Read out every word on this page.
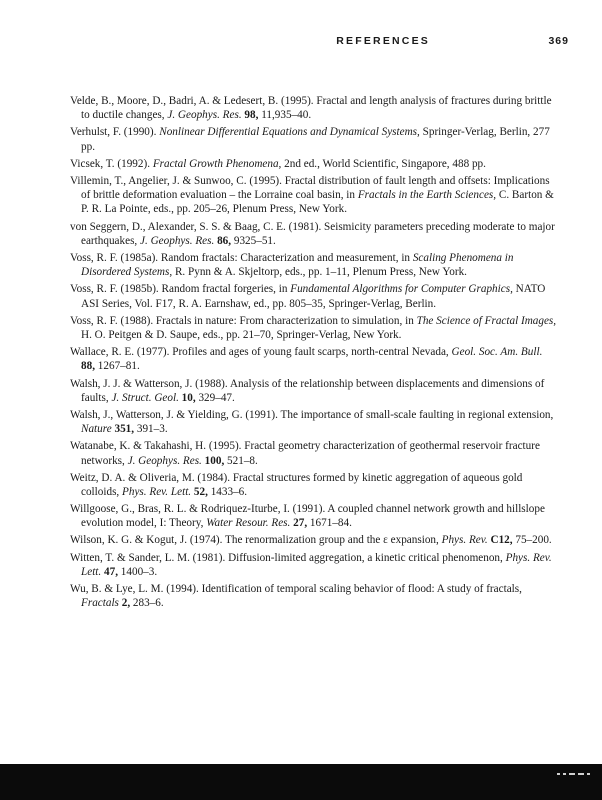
REFERENCES	369
Velde, B., Moore, D., Badri, A. & Ledesert, B. (1995). Fractal and length analysis of fractures during brittle to ductile changes, J. Geophys. Res. 98, 11,935–40.
Verhulst, F. (1990). Nonlinear Differential Equations and Dynamical Systems, Springer-Verlag, Berlin, 277 pp.
Vicsek, T. (1992). Fractal Growth Phenomena, 2nd ed., World Scientific, Singapore, 488 pp.
Villemin, T., Angelier, J. & Sunwoo, C. (1995). Fractal distribution of fault length and offsets: Implications of brittle deformation evaluation – the Lorraine coal basin, in Fractals in the Earth Sciences, C. Barton & P. R. La Pointe, eds., pp. 205–26, Plenum Press, New York.
von Seggern, D., Alexander, S. S. & Baag, C. E. (1981). Seismicity parameters preceding moderate to major earthquakes, J. Geophys. Res. 86, 9325–51.
Voss, R. F. (1985a). Random fractals: Characterization and measurement, in Scaling Phenomena in Disordered Systems, R. Pynn & A. Skjeltorp, eds., pp. 1–11, Plenum Press, New York.
Voss, R. F. (1985b). Random fractal forgeries, in Fundamental Algorithms for Computer Graphics, NATO ASI Series, Vol. F17, R. A. Earnshaw, ed., pp. 805–35, Springer-Verlag, Berlin.
Voss, R. F. (1988). Fractals in nature: From characterization to simulation, in The Science of Fractal Images, H. O. Peitgen & D. Saupe, eds., pp. 21–70, Springer-Verlag, New York.
Wallace, R. E. (1977). Profiles and ages of young fault scarps, north-central Nevada, Geol. Soc. Am. Bull. 88, 1267–81.
Walsh, J. J. & Watterson, J. (1988). Analysis of the relationship between displacements and dimensions of faults, J. Struct. Geol. 10, 329–47.
Walsh, J., Watterson, J. & Yielding, G. (1991). The importance of small-scale faulting in regional extension, Nature 351, 391–3.
Watanabe, K. & Takahashi, H. (1995). Fractal geometry characterization of geothermal reservoir fracture networks, J. Geophys. Res. 100, 521–8.
Weitz, D. A. & Oliveria, M. (1984). Fractal structures formed by kinetic aggregation of aqueous gold colloids, Phys. Rev. Lett. 52, 1433–6.
Willgoose, G., Bras, R. L. & Rodriquez-Iturbe, I. (1991). A coupled channel network growth and hillslope evolution model, I: Theory, Water Resour. Res. 27, 1671–84.
Wilson, K. G. & Kogut, J. (1974). The renormalization group and the ε expansion, Phys. Rev. C12, 75–200.
Witten, T. & Sander, L. M. (1981). Diffusion-limited aggregation, a kinetic critical phenomenon, Phys. Rev. Lett. 47, 1400–3.
Wu, B. & Lye, L. M. (1994). Identification of temporal scaling behavior of flood: A study of fractals, Fractals 2, 283–6.
